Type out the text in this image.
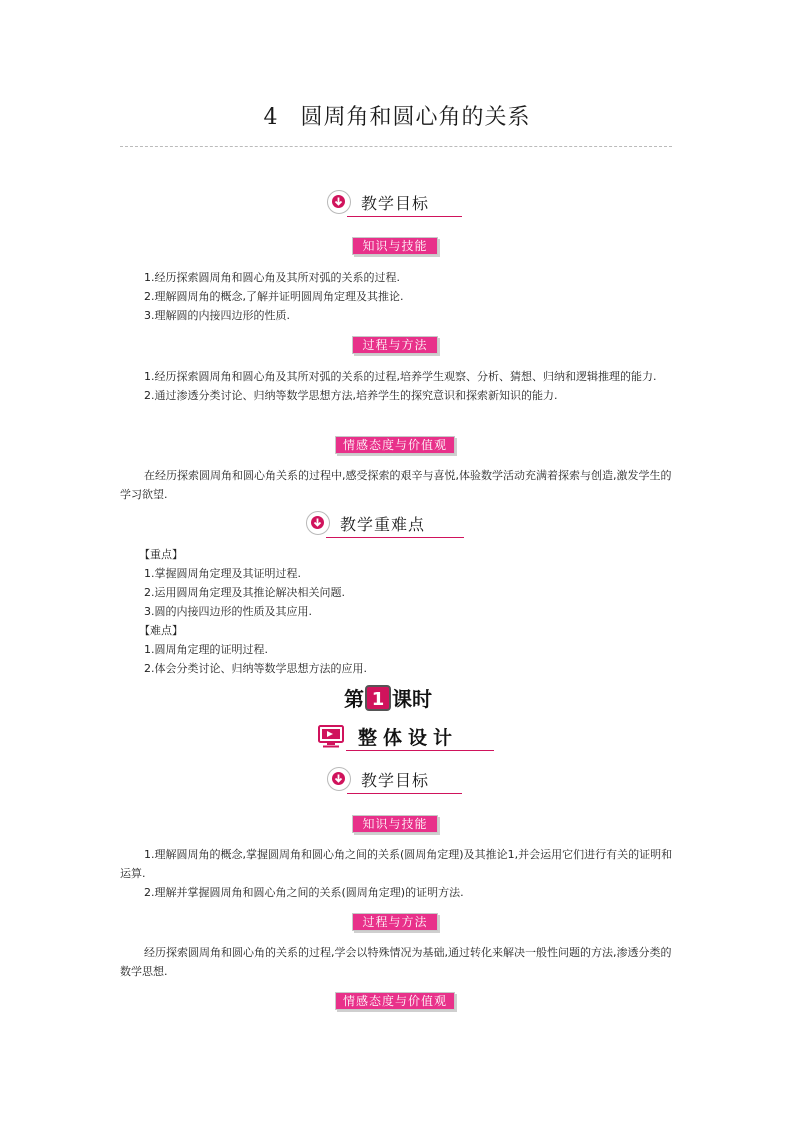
4 圆周角和圆心角的关系
教学目标
知识与技能
1.经历探索圆周角和圆心角及其所对弧的关系的过程.
2.理解圆周角的概念,了解并证明圆周角定理及其推论.
3.理解圆的内接四边形的性质.
过程与方法
1.经历探索圆周角和圆心角及其所对弧的关系的过程,培养学生观察、分析、猜想、归纳和逻辑推理的能力.
2.通过渗透分类讨论、归纳等数学思想方法,培养学生的探究意识和探索新知识的能力.
情感态度与价值观
在经历探索圆周角和圆心角关系的过程中,感受探索的艰辛与喜悦,体验数学活动充满着探索与创造,激发学生的学习欲望.
教学重难点
【重点】
1.掌握圆周角定理及其证明过程.
2.运用圆周角定理及其推论解决相关问题.
3.圆的内接四边形的性质及其应用.
【难点】
1.圆周角定理的证明过程.
2.体会分类讨论、归纳等数学思想方法的应用.
第 1 课时
整体设计
教学目标
知识与技能
1.理解圆周角的概念,掌握圆周角和圆心角之间的关系(圆周角定理)及其推论1,并会运用它们进行有关的证明和运算.
2.理解并掌握圆周角和圆心角之间的关系(圆周角定理)的证明方法.
过程与方法
经历探索圆周角和圆心角的关系的过程,学会以特殊情况为基础,通过转化来解决一般性问题的方法,渗透分类的数学思想.
情感态度与价值观
